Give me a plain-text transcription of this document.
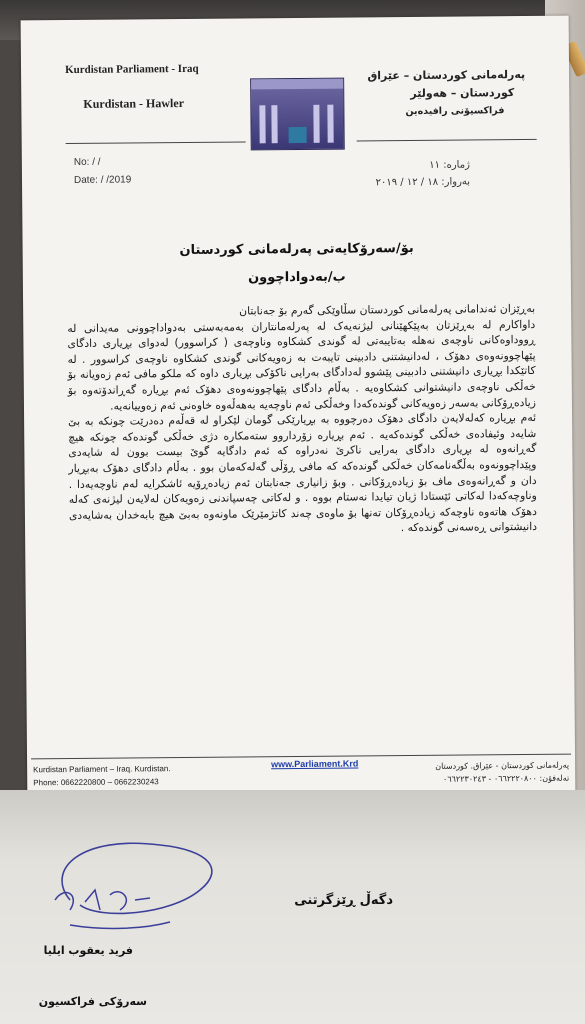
Kurdistan Parliament - Iraq
Kurdistan - Hawler
پەرلەمانی کوردستان – عێراق
کوردستان – هەولێر
فراکسیۆنی رافیدەین
No: / /
Date: / /2019
ژمارە: ۱۱
بەروار: ۱۸ / ۱۲ / ۲۰۱۹
بۆ/سەرۆکایەتی پەرلەمانی کوردستان
ب/بەدواداچوون

بەڕێزان ئەندامانی پەرلەمانی کوردستان سڵاوێکی گەرم بۆ جەنابتان

داواکارم لە بەڕێزتان بەپێکهێنانی لیژنەیەک لە پەرلەمانتاران بەمەبەستی بەدواداچوونی مەیدانی لە ڕووداوەکانی ناوچەی نەهلە بەتایبەتی لە گوندی کشکاوە وناوچەی ( کراسوور) لەدوای بڕیاری دادگای پێهاچوونەوەی دهۆک ، لەدانیشتنی دادبینی تایبەت بە زەویەکانی گوندی کشکاوە ناوچەی کراسوور . لە کاتێکدا بڕیاری دانیشتنی دادبینی پێشوو لەدادگای بەرایی ناکۆکی بڕیاری داوە کە ملکو مافی ئەم زەویانە بۆ خەڵکی ناوچەی دانیشتوانی کشکاوەیە . بەڵام دادگای پێهاچوونەوەی دهۆک ئەم بڕیارە گەڕاندۆتەوە بۆ زیادەڕۆکانی بەسەر زەویەکانی گوندەکەدا وخەڵکی ئەم ناوچەیە بەهەڵەوە خاوەنی ئەم زەوییانەیە.

ئەم بڕیارە کەلەلایەن دادگای دهۆک دەرچووە بە بڕیارێکی گومان لێکراو لە قەڵەم دەدرێت چونکە بە بێ شایەد وئیفادەی خەڵکی گوندەکەیە . ئەم بڕیارە زۆرداروو ستەمکارە دژی خەڵکی گوندەکە چونکە هیچ گەڕانەوە لە بڕیاری دادگای بەرایی ناکرێ نەدراوە کە ئەم دادگایە گوێ بیست بوون لە شایەدی وپێداچوونەوە بەڵگەنامەکان خەڵکی گوندەکە کە مافی ڕۆڵی گەلەکەمان بوو . بەڵام دادگای دهۆک بەبڕیار دان و گەڕانەوەی ماف بۆ زیادەڕۆکانی . وبۆ زانیاری جەنابتان ئەم زیادەڕۆیە ئاشکرایە لەم ناوچەیەدا . وناوچەکەدا لەکاتی ئێستادا ژیان تیایدا نەستام بووە . و لەکاتی چەسپاندنی زەویەکان لەلایەن لیژنەی کەلە دهۆک هاتەوە ناوچەکە زیادەڕۆکان تەنها بۆ ماوەی چەند کاتژمێرێک ماونەوە بەبێ هیچ بابەخدان بەشایەدی دانیشتوانی ڕەسەنی گوندەکە .

Kurdistan Parliament – Iraq. Kurdistan.
Phone: 0662220800 – 0662230243
www.Parliament.Krd	پەرلەمانی کوردستان - عێراق. کوردستان
تەلەفۆن: ٠٦٦٢٢٢٠٨٠٠ - ٠٦٦٢٢٣٠٢٤٣
دگەڵ ڕێزگرتنی
فرید یعقوب ایلیا
سەرۆکی فراکسیون
